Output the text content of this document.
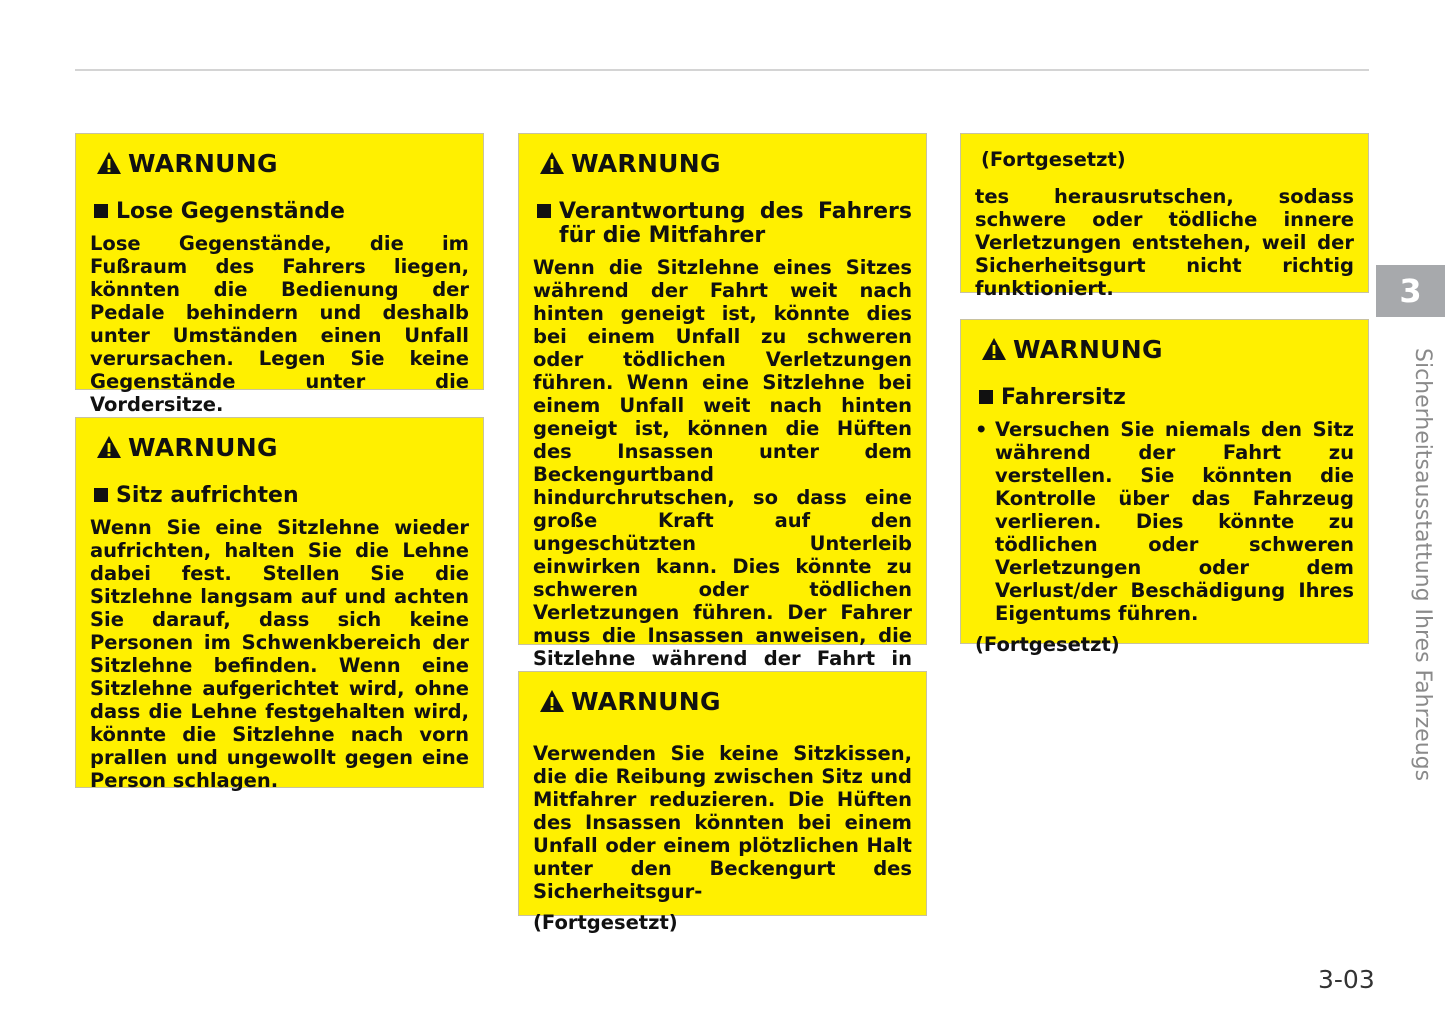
WARNUNG
Lose Gegenstände
Lose Gegenstände, die im Fußraum des Fahrers liegen, könnten die Bedienung der Pedale behindern und deshalb unter Umständen einen Unfall verursachen. Legen Sie keine Gegenstände unter die Vordersitze.
WARNUNG
Sitz aufrichten
Wenn Sie eine Sitzlehne wieder aufrichten, halten Sie die Lehne dabei fest. Stellen Sie die Sitzlehne langsam auf und achten Sie darauf, dass sich keine Personen im Schwenkbereich der Sitzlehne befinden. Wenn eine Sitzlehne aufgerichtet wird, ohne dass die Lehne festgehalten wird, könnte die Sitzlehne nach vorn prallen und ungewollt gegen eine Person schlagen.
WARNUNG
Verantwortung des Fahrers für die Mitfahrer
Wenn die Sitzlehne eines Sitzes während der Fahrt weit nach hinten geneigt ist, könnte dies bei einem Unfall zu schweren oder tödlichen Verletzungen führen. Wenn eine Sitzlehne bei einem Unfall weit nach hinten geneigt ist, können die Hüften des Insassen unter dem Beckengurtband hindurchrutschen, so dass eine große Kraft auf den ungeschützten Unterleib einwirken kann. Dies könnte zu schweren oder tödlichen Verletzungen führen. Der Fahrer muss die Insassen anweisen, die Sitzlehne während der Fahrt in
WARNUNG
Verwenden Sie keine Sitzkissen, die die Reibung zwischen Sitz und Mitfahrer reduzieren. Die Hüften des Insassen könnten bei einem Unfall oder einem plötzlichen Halt unter den Beckengurt des Sicherheitsgur-
(Fortgesetzt)
(Fortgesetzt)
tes herausrutschen, sodass schwere oder tödliche innere Verletzungen entstehen, weil der Sicherheitsgurt nicht richtig funktioniert.
WARNUNG
Fahrersitz
• Versuchen Sie niemals den Sitz während der Fahrt zu verstellen. Sie könnten die Kontrolle über das Fahrzeug verlieren. Dies könnte zu tödlichen oder schweren Verletzungen oder dem Verlust/der Beschädigung Ihres Eigentums führen.
(Fortgesetzt)
3
Sicherheitsausstattung Ihres Fahrzeugs
3-03
